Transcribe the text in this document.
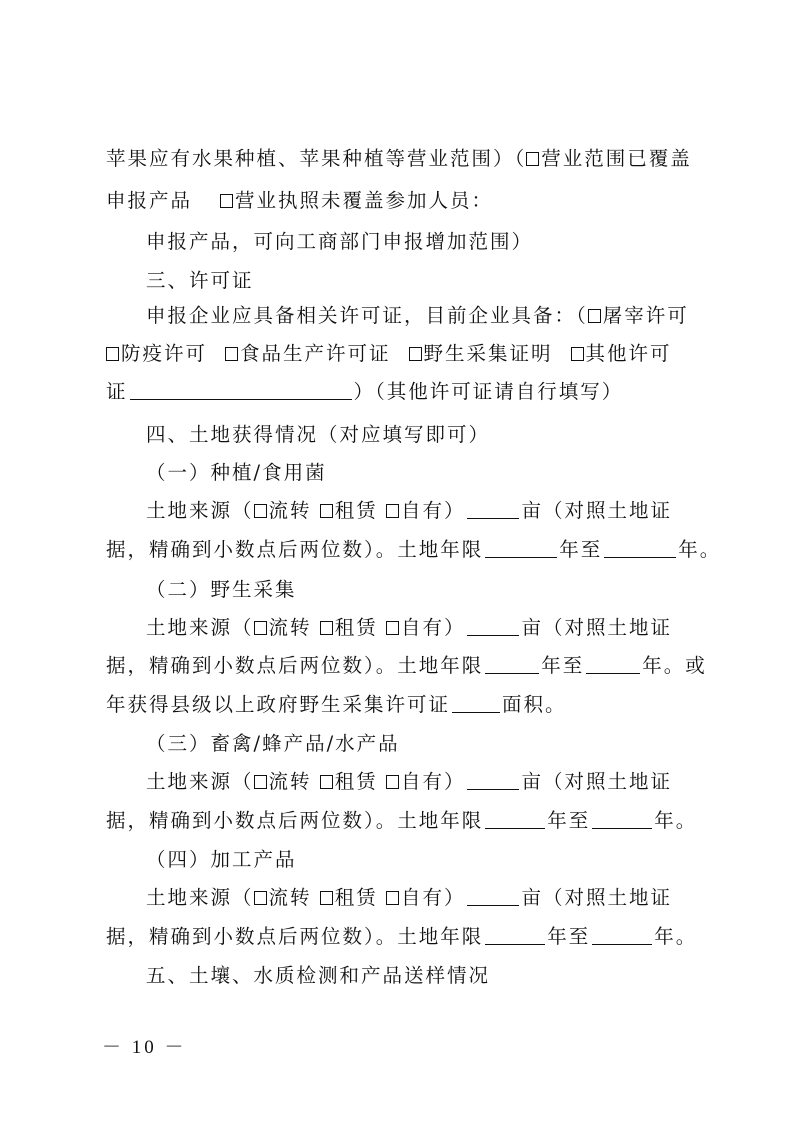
苹果应有水果种植、苹果种植等营业范围）（ 营业范围已覆盖
申报产品 营业执照未覆盖参加人员：
申报产品，可向工商部门申报增加范围）
三、许可证
申报企业应具备相关许可证，目前企业具备：（ 屠宰许可
防疫许可 食品生产许可证 野生采集证明 其他许可
证	）（其他许可证请自行填写）
四、土地获得情况（对应填写即可）
（一）种植/食用菌
土地来源（ 流转 租赁 自有）	亩（对照土地证
据，精确到小数点后两位数）。土地年限	年至	年。
（二）野生采集
土地来源（ 流转 租赁 自有）	亩（对照土地证
据，精确到小数点后两位数）。土地年限	年至	年。或
年获得县级以上政府野生采集许可证	面积。
（三）畜禽/蜂产品/水产品
土地来源（ 流转 租赁 自有）	亩（对照土地证
据，精确到小数点后两位数）。土地年限	年至	年。
（四）加工产品
土地来源（ 流转 租赁 自有）	亩（对照土地证
据，精确到小数点后两位数）。土地年限	年至	年。
五、土壤、水质检测和产品送样情况
－ 10 －
